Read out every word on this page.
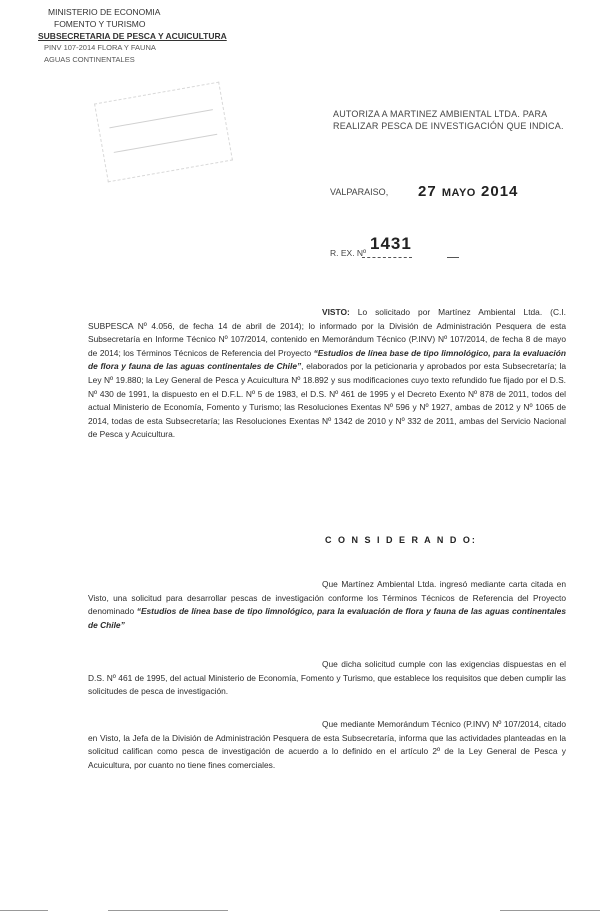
MINISTERIO DE ECONOMIA
FOMENTO Y TURISMO
SUBSECRETARIA DE PESCA Y ACUICULTURA
PINV 107-2014 FLORA Y FAUNA
AGUAS CONTINENTALES
AUTORIZA A MARTINEZ AMBIENTAL LTDA. PARA REALIZAR PESCA DE INVESTIGACIÓN QUE INDICA.
VALPARAISO, 27 MAYO 2014
R. EX. Nº 1431
VISTO: Lo solicitado por Martínez Ambiental Ltda. (C.I. SUBPESCA Nº 4.056, de fecha 14 de abril de 2014); lo informado por la División de Administración Pesquera de esta Subsecretaría en Informe Técnico Nº 107/2014, contenido en Memorándum Técnico (P.INV) Nº 107/2014, de fecha 8 de mayo de 2014; los Términos Técnicos de Referencia del Proyecto “Estudios de línea base de tipo limnológico, para la evaluación de flora y fauna de las aguas continentales de Chile”, elaborados por la peticionaria y aprobados por esta Subsecretaría; la Ley Nº 19.880; la Ley General de Pesca y Acuicultura Nº 18.892 y sus modificaciones cuyo texto refundido fue fijado por el D.S. Nº 430 de 1991, la dispuesto en el D.F.L. Nº 5 de 1983, el D.S. Nº 461 de 1995 y el Decreto Exento Nº 878 de 2011, todos del actual Ministerio de Economía, Fomento y Turismo; las Resoluciones Exentas Nº 596 y Nº 1927, ambas de 2012 y Nº 1065 de 2014, todas de esta Subsecretaría; las Resoluciones Exentas Nº 1342 de 2010 y Nº 332 de 2011, ambas del Servicio Nacional de Pesca y Acuicultura.
C O N S I D E R A N D O:
Que Martínez Ambiental Ltda. ingresó mediante carta citada en Visto, una solicitud para desarrollar pescas de investigación conforme los Términos Técnicos de Referencia del Proyecto denominado “Estudios de línea base de tipo limnológico, para la evaluación de flora y fauna de las aguas continentales de Chile”
Que dicha solicitud cumple con las exigencias dispuestas en el D.S. Nº 461 de 1995, del actual Ministerio de Economía, Fomento y Turismo, que establece los requisitos que deben cumplir las solicitudes de pesca de investigación.
Que mediante Memorándum Técnico (P.INV) Nº 107/2014, citado en Visto, la Jefa de la División de Administración Pesquera de esta Subsecretaría, informa que las actividades planteadas en la solicitud califican como pesca de investigación de acuerdo a lo definido en el artículo 2º de la Ley General de Pesca y Acuicultura, por cuanto no tiene fines comerciales.
